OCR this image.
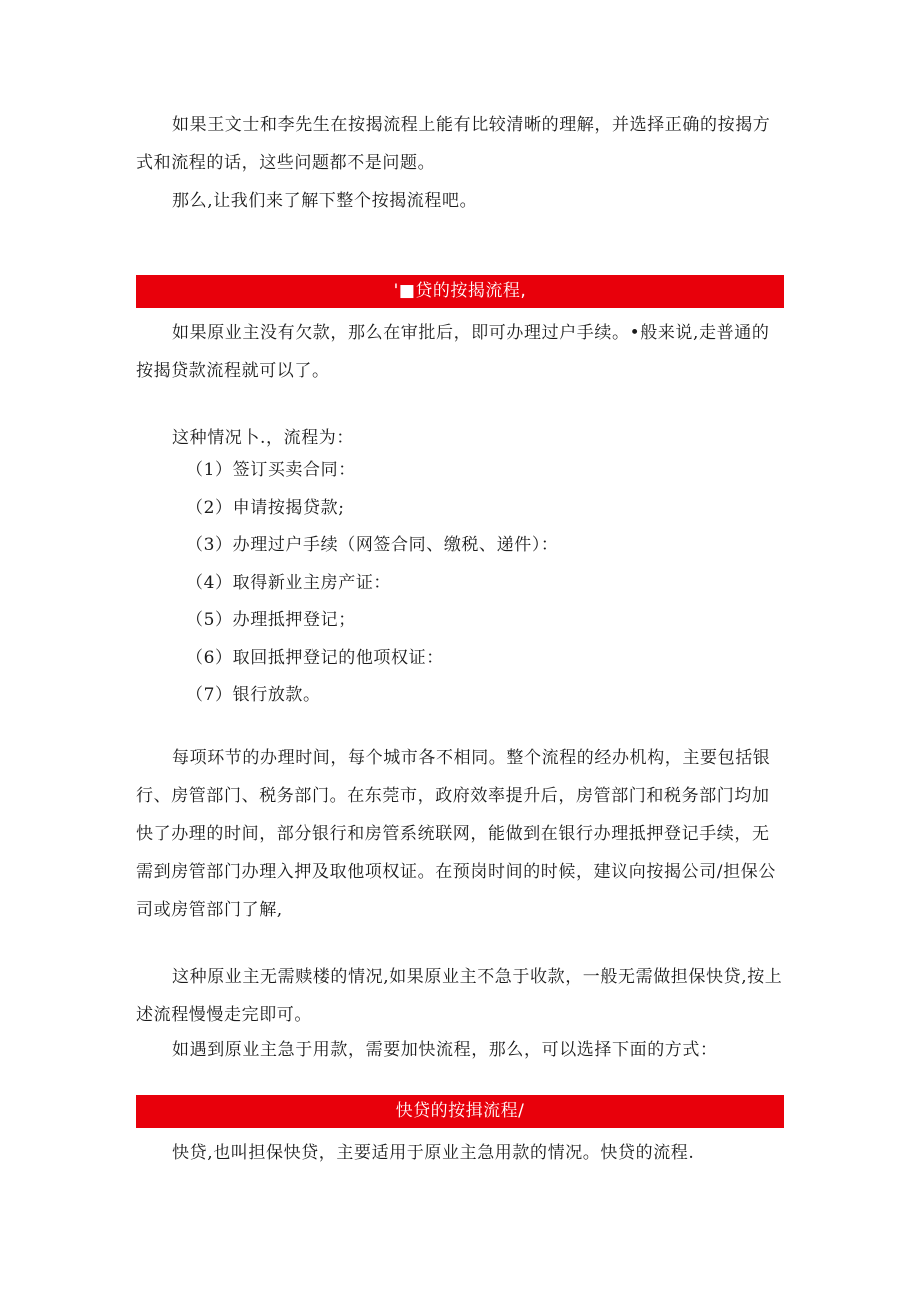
如果王文士和李先生在按揭流程上能有比较清晰的理解，并选择正确的按揭方式和流程的话，这些问题都不是问题。

那么,让我们来了解下整个按揭流程吧。

'■贷的按揭流程,

如果原业主没有欠款，那么在审批后，即可办理过户手续。•般来说,走普通的按揭贷款流程就可以了。

这种情况卜.，流程为：

（1）签订买卖合同：
（2）申请按揭贷款;
（3）办理过户手续（网签合同、缴税、递件）：
（4）取得新业主房产证：
（5）办理抵押登记；
（6）取回抵押登记的他项权证：
（7）银行放款。

每项环节的办理时间，每个城市各不相同。整个流程的经办机构，主要包括银行、房管部门、税务部门。在东莞市，政府效率提升后，房管部门和税务部门均加快了办理的时间，部分银行和房管系统联网，能做到在银行办理抵押登记手续，无需到房管部门办理入押及取他项权证。在预岗时间的时候，建议向按揭公司/担保公司或房管部门了解,

这种原业主无需赎楼的情况,如果原业主不急于收款，一般无需做担保快贷,按上述流程慢慢走完即可。

如遇到原业主急于用款，需要加快流程，那么，可以选择下面的方式：

快贷的按揖流程/

快贷,也叫担保快贷，主要适用于原业主急用款的情况。快贷的流程.
